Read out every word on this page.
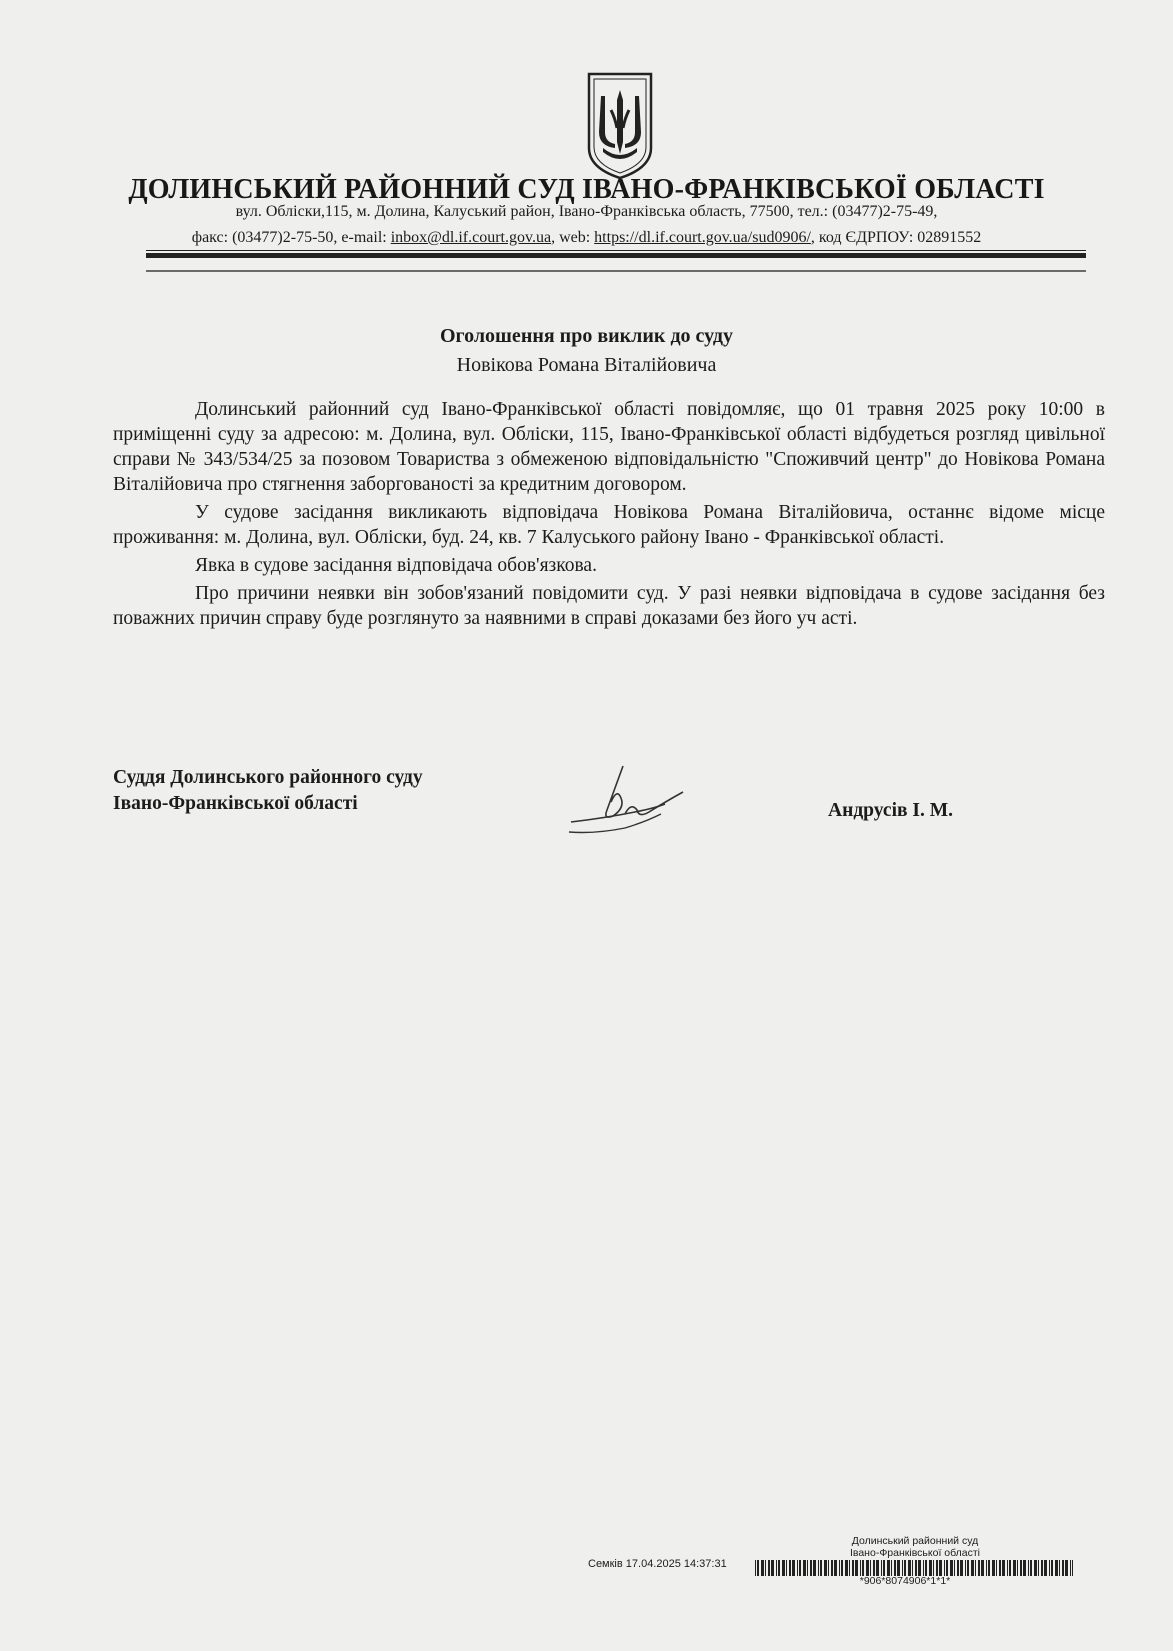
ДОЛИНСЬКИЙ РАЙОННИЙ СУД ІВАНО-ФРАНКІВСЬКОЇ ОБЛАСТІ
вул. Обліски,115, м. Долина, Калуський район, Івано-Франківська область, 77500, тел.: (03477)2-75-49,
факс: (03477)2-75-50, e-mail: inbox@dl.if.court.gov.ua, web: https://dl.if.court.gov.ua/sud0906/, код ЄДРПОУ: 02891552
Оголошення про виклик до суду
Новікова Романа Віталійовича

Долинський районний суд Івано-Франківської області повідомляє, що 01 травня 2025 року 10:00 в приміщенні суду за адресою: м. Долина, вул. Обліски, 115, Івано-Франківської області відбудеться розгляд цивільної справи № 343/534/25 за позовом Товариства з обмеженою відповідальністю "Споживчий центр" до Новікова Романа Віталійовича про стягнення заборгованості за кредитним договором.

У судове засідання викликають відповідача Новікова Романа Віталійовича, останнє відоме місце проживання: м. Долина, вул. Обліски, буд. 24, кв. 7 Калуського району Івано - Франківської області.

Явка в судове засідання відповідача обов'язкова.

Про причини неявки він зобов'язаний повідомити суд. У разі неявки відповідача в судове засідання без поважних причин справу буде розглянуто за наявними в справі доказами без його уч асті.

Суддя Долинського районного суду
Івано-Франківської області	Андрусів І. М.
Долинський районний суд
Івано-Франківської області
Семків 17.04.2025 14:37:31
*906*8074906*1*1*
